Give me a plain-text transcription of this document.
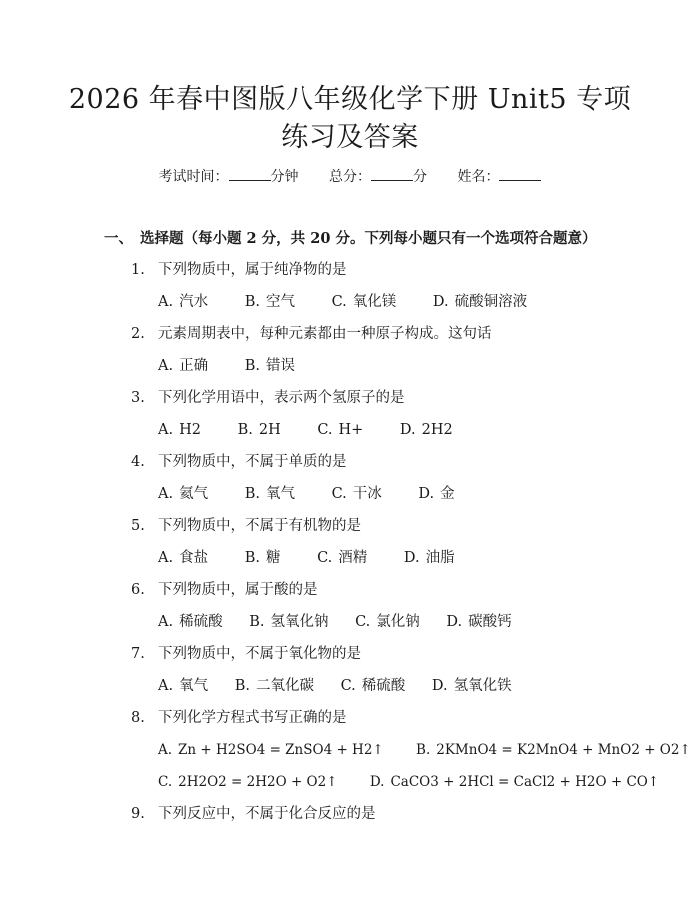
2026 年春中图版八年级化学下册 Unit5 专项
练习及答案
考试时间：	分钟 总分：	分 姓名：
一、 选择题（每小题 2 分，共 20 分。下列每小题只有一个选项符合题意）
1. 下列物质中，属于纯净物的是
A. 汽水	B. 空气	C. 氧化镁	D. 硫酸铜溶液
2. 元素周期表中，每种元素都由一种原子构成。这句话
A. 正确	B. 错误
3. 下列化学用语中，表示两个氢原子的是
A. H2	B. 2H	C. H+	D. 2H2
4. 下列物质中，不属于单质的是
A. 氦气	B. 氧气	C. 干冰	D. 金
5. 下列物质中，不属于有机物的是
A. 食盐	B. 糖	C. 酒精	D. 油脂
6. 下列物质中，属于酸的是
A. 稀硫酸 B. 氢氧化钠 C. 氯化钠 D. 碳酸钙
7. 下列物质中，不属于氧化物的是
A. 氧气 B. 二氧化碳 C. 稀硫酸 D. 氢氧化铁
8. 下列化学方程式书写正确的是
A. Zn + H2SO4 = ZnSO4 + H2↑ B. 2KMnO4 = K2MnO4 + MnO2 + O2↑
C. 2H2O2 = 2H2O + O2↑ D. CaCO3 + 2HCl = CaCl2 + H2O + CO↑
9. 下列反应中，不属于化合反应的是
